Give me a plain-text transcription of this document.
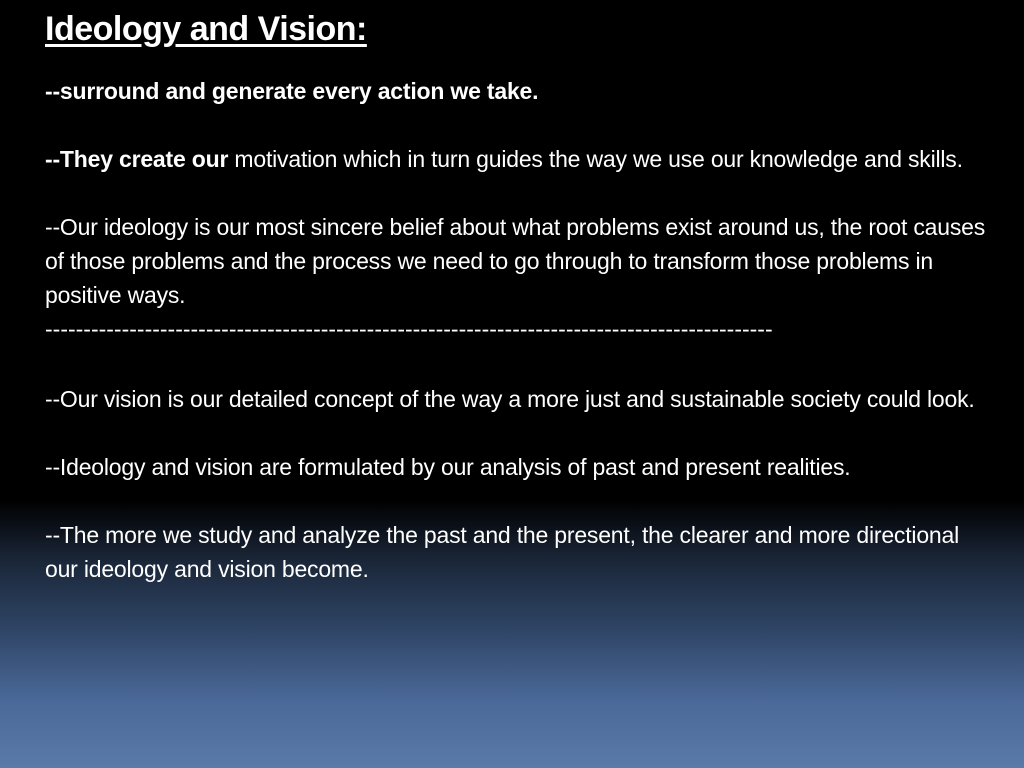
Ideology and Vision:

--surround and generate every action we take.

--They create our motivation which in turn guides the way we use our knowledge and skills.

--Our ideology is our most sincere belief about what problems exist around us, the root causes of those problems and the process we need to go through to transform those problems in positive ways.

-----------------------------------------------------------------------------------------------

--Our vision is our detailed concept of the way a more just and sustainable society could look.

--Ideology and vision are formulated by our analysis of past and present realities.

--The more we study and analyze the past and the present, the clearer and more directional our ideology and vision become.
